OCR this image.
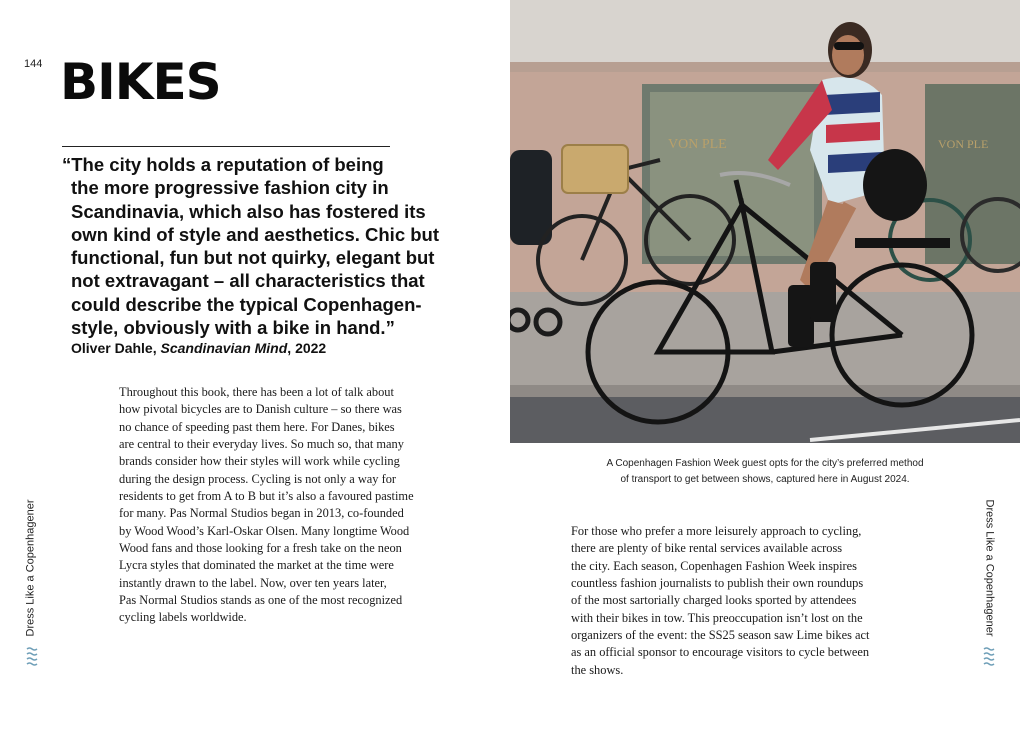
144 BIKES
“The city holds a reputation of being
the more progressive fashion city in
Scandinavia, which also has fostered its
own kind of style and aesthetics. Chic but
functional, fun but not quirky, elegant but
not extravagant – all characteristics that
could describe the typical Copenhagen-
style, obviously with a bike in hand.”
Oliver Dahle, Scandinavian Mind, 2022

Throughout this book, there has been a lot of talk about
how pivotal bicycles are to Danish culture – so there was
no chance of speeding past them here. For Danes, bikes
are central to their everyday lives. So much so, that many
brands consider how their styles will work while cycling
during the design process. Cycling is not only a way for
residents to get from A to B but it’s also a favoured pastime
for many. Pas Normal Studios began in 2013, co-founded
by Wood Wood’s Karl-Oskar Olsen. Many longtime Wood
Wood fans and those looking for a fresh take on the neon
Lycra styles that dominated the market at the time were
instantly drawn to the label. Now, over ten years later,
Pas Normal Studios stands as one of the most recognized
cycling labels worldwide.

VON PLE	VON PLE
A Copenhagen Fashion Week guest opts for the city’s preferred method
of transport to get between shows, captured here in August 2024.

For those who prefer a more leisurely approach to cycling,
there are plenty of bike rental services available across
the city. Each season, Copenhagen Fashion Week inspires
countless fashion journalists to publish their own roundups
of the most sartorially charged looks sported by attendees
with their bikes in tow. This preoccupation isn’t lost on the
organizers of the event: the SS25 season saw Lime bikes act
as an official sponsor to encourage visitors to cycle between
the shows.

Dress Like a Copenhagener	Dress Like a Copenhagener
